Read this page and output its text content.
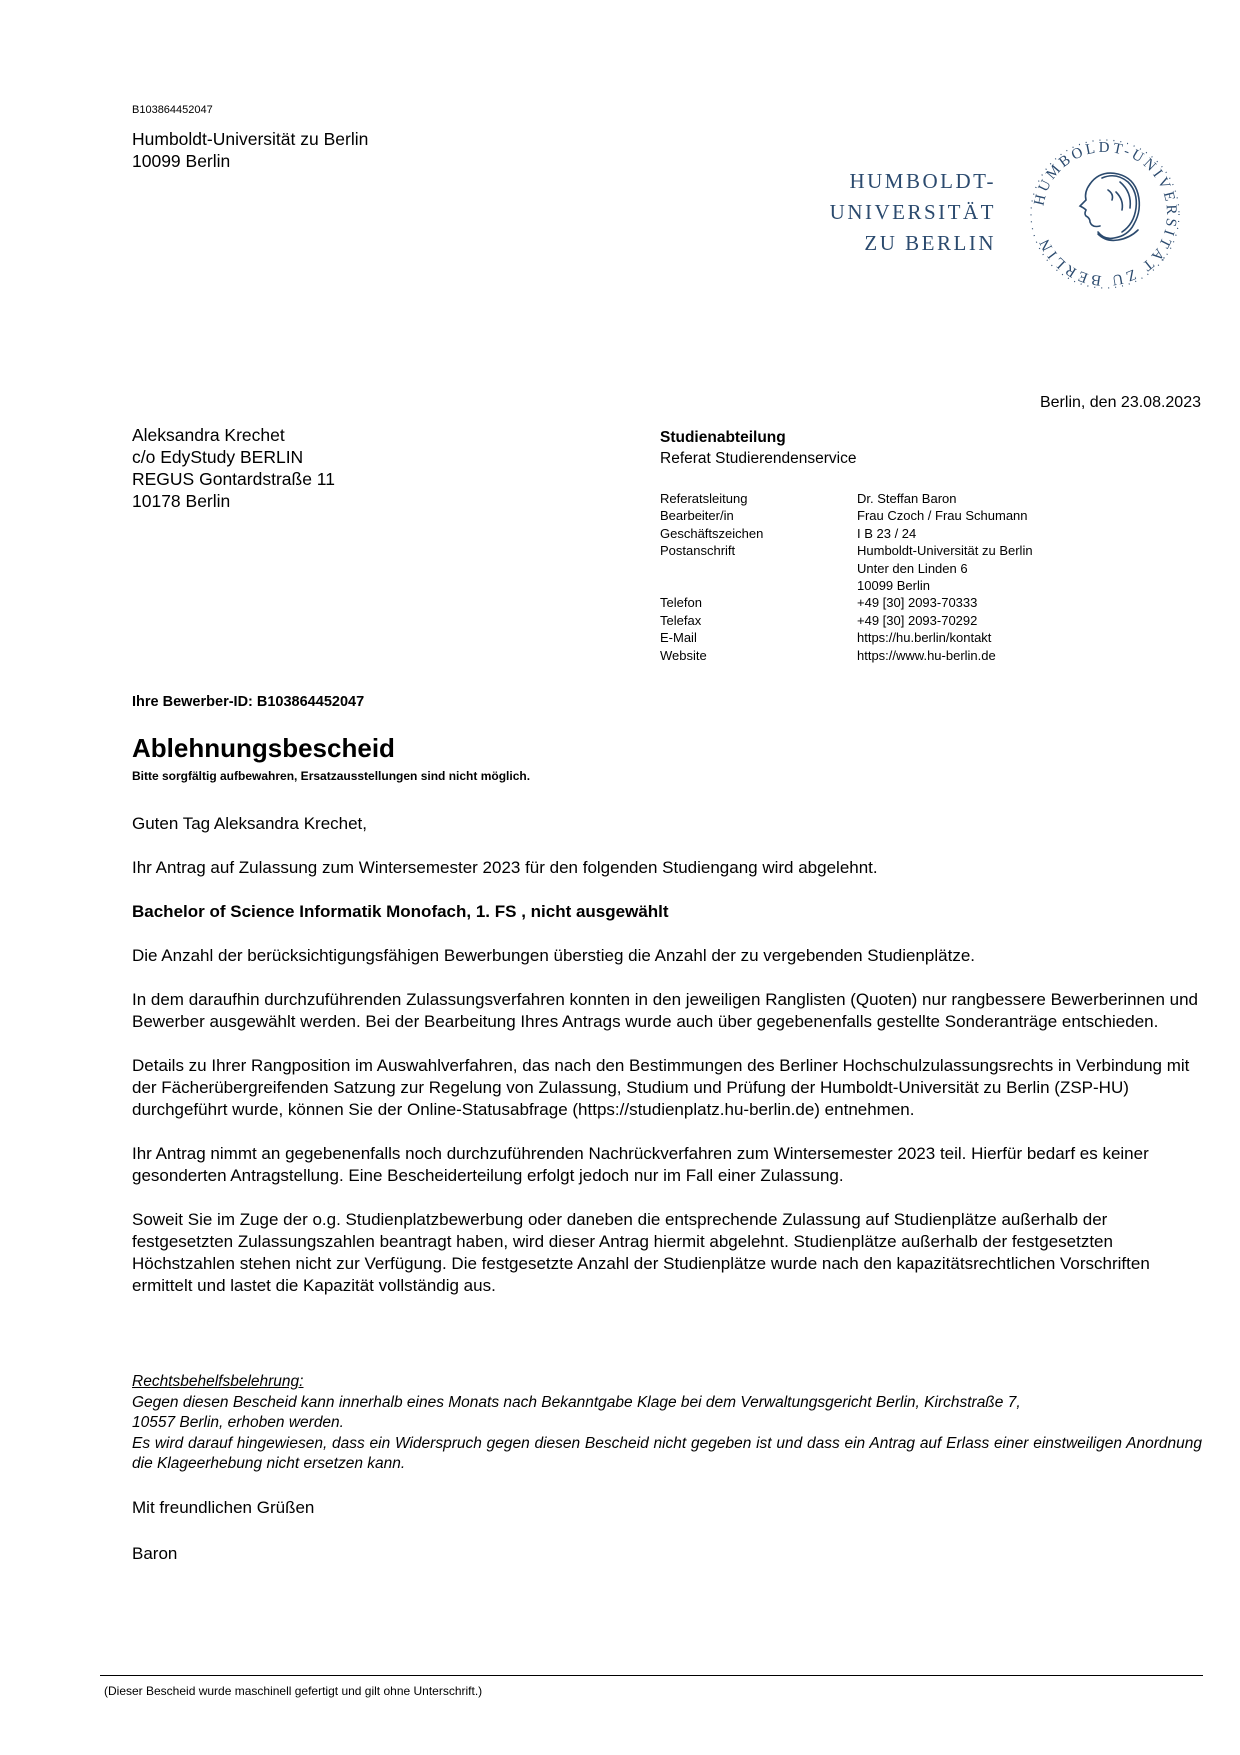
B103864452047
Humboldt-Universität zu Berlin
10099 Berlin
HUMBOLDT-
UNIVERSITÄT
ZU BERLIN
HUMBOLDT-UNIVERSITÄT ZU BERLIN
Berlin, den 23.08.2023
Aleksandra Krechet
c/o EdyStudy BERLIN
REGUS Gontardstraße 11
10178 Berlin
Studienabteilung
Referat Studierendenservice
Referatsleitung	Dr. Steffan Baron
Bearbeiter/in	Frau Czoch / Frau Schumann
Geschäftszeichen	I B 23 / 24
Postanschrift	Humboldt-Universität zu Berlin
	Unter den Linden 6
	10099 Berlin
Telefon	+49 [30] 2093-70333
Telefax	+49 [30] 2093-70292
E-Mail	https://hu.berlin/kontakt
Website	https://www.hu-berlin.de
Ihre Bewerber-ID: B103864452047
Ablehnungsbescheid
Bitte sorgfältig aufbewahren, Ersatzausstellungen sind nicht möglich.
Guten Tag Aleksandra Krechet,
Ihr Antrag auf Zulassung zum Wintersemester 2023 für den folgenden Studiengang wird abgelehnt.
Bachelor of Science Informatik Monofach, 1. FS , nicht ausgewählt
Die Anzahl der berücksichtigungsfähigen Bewerbungen überstieg die Anzahl der zu vergebenden Studienplätze.
In dem daraufhin durchzuführenden Zulassungsverfahren konnten in den jeweiligen Ranglisten (Quoten) nur rangbessere Bewerberinnen und Bewerber ausgewählt werden. Bei der Bearbeitung Ihres Antrags wurde auch über gegebenenfalls gestellte Sonderanträge entschieden.
Details zu Ihrer Rangposition im Auswahlverfahren, das nach den Bestimmungen des Berliner Hochschulzulassungsrechts in Verbindung mit der Fächerübergreifenden Satzung zur Regelung von Zulassung, Studium und Prüfung der Humboldt-Universität zu Berlin (ZSP-HU) durchgeführt wurde, können Sie der Online-Statusabfrage (https://studienplatz.hu-berlin.de) entnehmen.
Ihr Antrag nimmt an gegebenenfalls noch durchzuführenden Nachrückverfahren zum Wintersemester 2023 teil. Hierfür bedarf es keiner gesonderten Antragstellung. Eine Bescheiderteilung erfolgt jedoch nur im Fall einer Zulassung.
Soweit Sie im Zuge der o.g. Studienplatzbewerbung oder daneben die entsprechende Zulassung auf Studienplätze außerhalb der festgesetzten Zulassungszahlen beantragt haben, wird dieser Antrag hiermit abgelehnt. Studienplätze außerhalb der festgesetzten Höchstzahlen stehen nicht zur Verfügung. Die festgesetzte Anzahl der Studienplätze wurde nach den kapazitätsrechtlichen Vorschriften ermittelt und lastet die Kapazität vollständig aus.
Rechtsbehelfsbelehrung:
Gegen diesen Bescheid kann innerhalb eines Monats nach Bekanntgabe Klage bei dem Verwaltungsgericht Berlin, Kirchstraße 7,
10557 Berlin, erhoben werden.
Es wird darauf hingewiesen, dass ein Widerspruch gegen diesen Bescheid nicht gegeben ist und dass ein Antrag auf Erlass einer einstweiligen Anordnung die Klageerhebung nicht ersetzen kann.
Mit freundlichen Grüßen
Baron
(Dieser Bescheid wurde maschinell gefertigt und gilt ohne Unterschrift.)
